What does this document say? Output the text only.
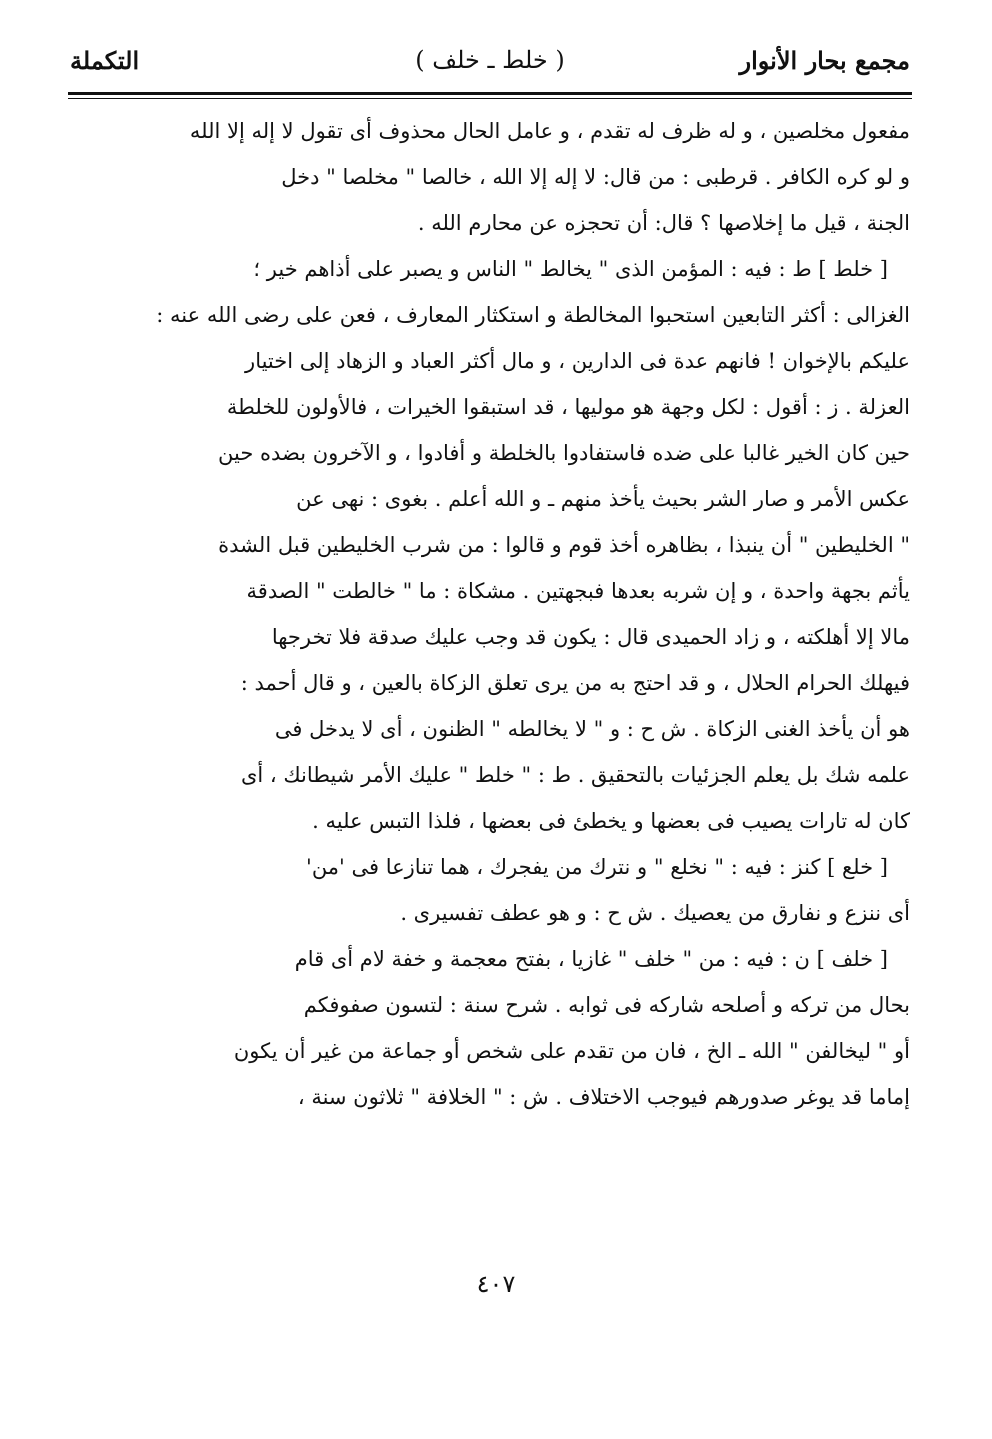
مجمع بحار الأنوار
( خلط ـ خلف )
التكملة
مفعول مخلصين ، و له ظرف له تقدم ، و عامل الحال محذوف أى تقول لا إله إلا الله
و لو كره الكافر . قرطبى : من قال: لا إله إلا الله ، خالصا " مخلصا " دخل
الجنة ، قيل ما إخلاصها ؟ قال: أن تحجزه عن محارم الله .
[ خلط ] ط : فيه : المؤمن الذى " يخالط " الناس و يصبر على أذاهم خير ؛
الغزالى : أكثر التابعين استحبوا المخالطة و استكثار المعارف ، فعن على رضى الله عنه :
عليكم بالإخوان ! فانهم عدة فى الدارين ، و مال أكثر العباد و الزهاد إلى اختيار
العزلة . ز : أقول : لكل وجهة هو موليها ، قد استبقوا الخيرات ، فالأولون للخلطة
حين كان الخير غالبا على ضده فاستفادوا بالخلطة و أفادوا ، و الآخرون بضده حين
عكس الأمر و صار الشر بحيث يأخذ منهم ـ و الله أعلم . بغوى : نهى عن
" الخليطين " أن ينبذا ، بظاهره أخذ قوم و قالوا : من شرب الخليطين قبل الشدة
يأثم بجهة واحدة ، و إن شربه بعدها فبجهتين . مشكاة : ما " خالطت " الصدقة
مالا إلا أهلكته ، و زاد الحميدى قال : يكون قد وجب عليك صدقة فلا تخرجها
فيهلك الحرام الحلال ، و قد احتج به من يرى تعلق الزكاة بالعين ، و قال أحمد :
هو أن يأخذ الغنى الزكاة . ش ح : و " لا يخالطه " الظنون ، أى لا يدخل فى
علمه شك بل يعلم الجزئيات بالتحقيق . ط : " خلط " عليك الأمر شيطانك ، أى
كان له تارات يصيب فى بعضها و يخطئ فى بعضها ، فلذا التبس عليه .
[ خلع ] كنز : فيه : " نخلع " و نترك من يفجرك ، هما تنازعا فى 'من'
أى ننزع و نفارق من يعصيك . ش ح : و هو عطف تفسيرى .
[ خلف ] ن : فيه : من " خلف " غازيا ، بفتح معجمة و خفة لام أى قام
بحال من تركه و أصلحه شاركه فى ثوابه . شرح سنة : لتسون صفوفكم
أو " ليخالفن " الله ـ الخ ، فان من تقدم على شخص أو جماعة من غير أن يكون
إماما قد يوغر صدورهم فيوجب الاختلاف . ش : " الخلافة " ثلاثون سنة ،
٤٠٧
